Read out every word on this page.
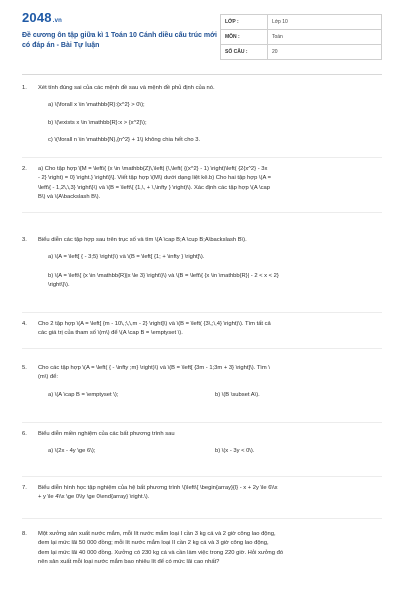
2048.vn
Đề cương ôn tập giữa kì 1 Toán 10 Cánh diều cấu trúc mới
có đáp án - Bài Tự luận
LỚP :	Lớp 10
MÔN :	Toán
SỐ CÂU :	20
1.	Xét tính đúng sai của các mệnh đề sau và mệnh đề phủ định của nó.
a) \(\forall x \in \mathbb{R}:{x^2} > 0\);
b) \(\exists x \in \mathbb{R}:x > {x^2}\);
c) \(\forall n \in \mathbb{N},{n^2} + 1\) không chia hết cho 3.
2.	a) Cho tập hợp \[M = \left\{ {x \in \mathbb{Z}\,\left| {\,\left( {(x^2} - 1) \right)\left( {2{x^2} - 3x
- 2} \right) = 0} \right.} \right\}\]. Viết tập hợp \(M\) dưới dạng liệt kê.b) Cho hai tập hợp \(A =
\left\{ - 1,2\,\,3} \right\}\) và \(B = \left\{ {1,\, + \,\infty } \right)\). Xác định các tập hợp \(A \cap
B\) và \(A\backslash B\).
3.	Biểu diễn các tập hợp sau trên trục số và tìm \(A \cap B;A \cup B;A\backslash B\).
a) \(A = \left[ { - 3;5} \right)\) và \(B = \left[ {1; + \infty } \right]\).
b) \(A = \left\{ {x \in \mathbb{R}|x \le 3} \right\}\) và \(B = \left\{ {x \in \mathbb{R}| - 2 < x < 2}
\right\}\).
4.	Cho 2 tập hợp \(A = \left[ {m - 10\,;\,\,m - 2} \right]\) và \(B = \left( {3\,;\,4} \right)\). Tìm tất cả
các giá trị của tham số \(m\) để \(A \cap B = \emptyset \).
5.	Cho các tập hợp \(A = \left( { - \infty ;m} \right)\) và \(B = \left[ {3m - 1;3m + 3} \right]\). Tìm \
(m\) để:
a) \(A \cap B = \emptyset \);	b) \(B \subset A\).
6.	Biểu diễn miền nghiệm của các bất phương trình sau
a) \(2x - 4y \ge 6\);	b) \(x - 3y < 0\).
7.	Biểu diễn hình học tập nghiệm của hệ bất phương trình \(\left\{ \begin{array}{l} - x + 2y \le 6\\x
+ y \le 4\\x \ge 0\\y \ge 0\end{array} \right.\).
8.	Một xưởng sản xuất nước mắm, mỗi lít nước mắm loại I cần 3 kg cá và 2 giờ công lao động,
đem lại mức lãi 50 000 đồng; mỗi lít nước mắm loại II cần 2 kg cá và 3 giờ công lao động,
đem lại mức lãi 40 000 đồng. Xưởng có 230 kg cá và cần làm việc trong 220 giờ. Hỏi xưởng đó
nên sản xuất mỗi loại nước mắm bao nhiêu lít để có mức lãi cao nhất?
